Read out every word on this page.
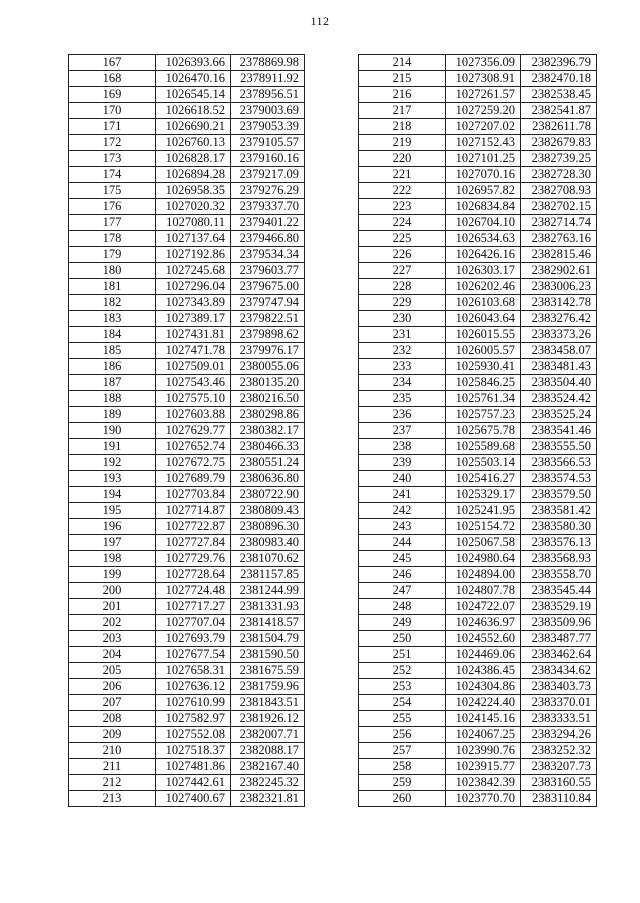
112
167	1026393.66	2378869.98
168	1026470.16	2378911.92
169	1026545.14	2378956.51
170	1026618.52	2379003.69
171	1026690.21	2379053.39
172	1026760.13	2379105.57
173	1026828.17	2379160.16
174	1026894.28	2379217.09
175	1026958.35	2379276.29
176	1027020.32	2379337.70
177	1027080.11	2379401.22
178	1027137.64	2379466.80
179	1027192.86	2379534.34
180	1027245.68	2379603.77
181	1027296.04	2379675.00
182	1027343.89	2379747.94
183	1027389.17	2379822.51
184	1027431.81	2379898.62
185	1027471.78	2379976.17
186	1027509.01	2380055.06
187	1027543.46	2380135.20
188	1027575.10	2380216.50
189	1027603.88	2380298.86
190	1027629.77	2380382.17
191	1027652.74	2380466.33
192	1027672.75	2380551.24
193	1027689.79	2380636.80
194	1027703.84	2380722.90
195	1027714.87	2380809.43
196	1027722.87	2380896.30
197	1027727.84	2380983.40
198	1027729.76	2381070.62
199	1027728.64	2381157.85
200	1027724.48	2381244.99
201	1027717.27	2381331.93
202	1027707.04	2381418.57
203	1027693.79	2381504.79
204	1027677.54	2381590.50
205	1027658.31	2381675.59
206	1027636.12	2381759.96
207	1027610.99	2381843.51
208	1027582.97	2381926.12
209	1027552.08	2382007.71
210	1027518.37	2382088.17
211	1027481.86	2382167.40
212	1027442.61	2382245.32
213	1027400.67	2382321.81
214	1027356.09	2382396.79
215	1027308.91	2382470.18
216	1027261.57	2382538.45
217	1027259.20	2382541.87
218	1027207.02	2382611.78
219	1027152.43	2382679.83
220	1027101.25	2382739.25
221	1027070.16	2382728.30
222	1026957.82	2382708.93
223	1026834.84	2382702.15
224	1026704.10	2382714.74
225	1026534.63	2382763.16
226	1026426.16	2382815.46
227	1026303.17	2382902.61
228	1026202.46	2383006.23
229	1026103.68	2383142.78
230	1026043.64	2383276.42
231	1026015.55	2383373.26
232	1026005.57	2383458.07
233	1025930.41	2383481.43
234	1025846.25	2383504.40
235	1025761.34	2383524.42
236	1025757.23	2383525.24
237	1025675.78	2383541.46
238	1025589.68	2383555.50
239	1025503.14	2383566.53
240	1025416.27	2383574.53
241	1025329.17	2383579.50
242	1025241.95	2383581.42
243	1025154.72	2383580.30
244	1025067.58	2383576.13
245	1024980.64	2383568.93
246	1024894.00	2383558.70
247	1024807.78	2383545.44
248	1024722.07	2383529.19
249	1024636.97	2383509.96
250	1024552.60	2383487.77
251	1024469.06	2383462.64
252	1024386.45	2383434.62
253	1024304.86	2383403.73
254	1024224.40	2383370.01
255	1024145.16	2383333.51
256	1024067.25	2383294.26
257	1023990.76	2383252.32
258	1023915.77	2383207.73
259	1023842.39	2383160.55
260	1023770.70	2383110.84
